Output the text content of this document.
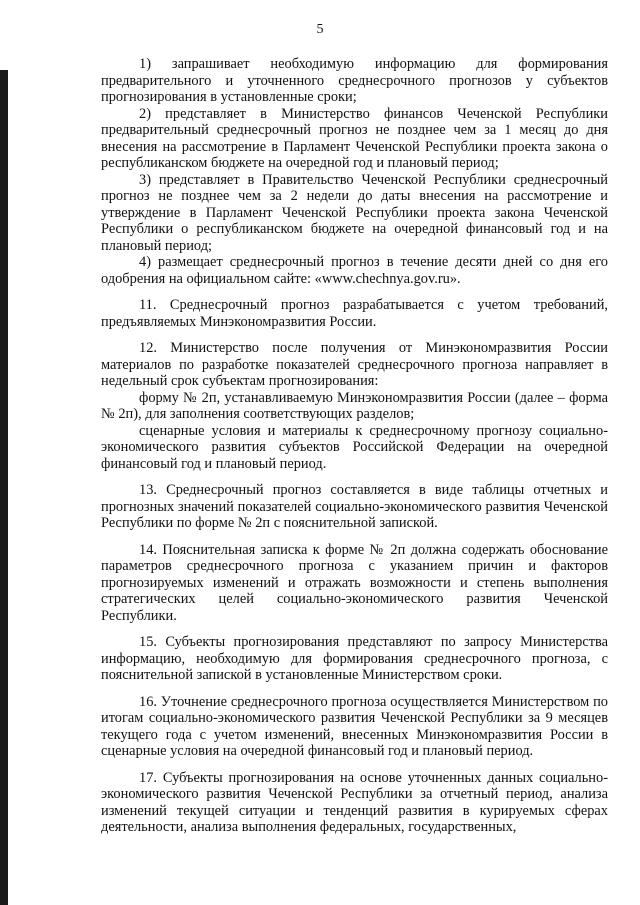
5

1) запрашивает необходимую информацию для формирования предварительного и уточненного среднесрочного прогнозов у субъектов прогнозирования в установленные сроки;

2) представляет в Министерство финансов Чеченской Республики предварительный среднесрочный прогноз не позднее чем за 1 месяц до дня внесения на рассмотрение в Парламент Чеченской Республики проекта закона о республиканском бюджете на очередной год и плановый период;

3) представляет в Правительство Чеченской Республики среднесрочный прогноз не позднее чем за 2 недели до даты внесения на рассмотрение и утверждение в Парламент Чеченской Республики проекта закона Чеченской Республики о республиканском бюджете на очередной финансовый год и на плановый период;

4) размещает среднесрочный прогноз в течение десяти дней со дня его одобрения на официальном сайте: «www.chechnya.gov.ru».

11. Среднесрочный прогноз разрабатывается с учетом требований, предъявляемых Минэкономразвития России.

12. Министерство после получения от Минэкономразвития России материалов по разработке показателей среднесрочного прогноза направляет в недельный срок субъектам прогнозирования:

форму № 2п, устанавливаемую Минэкономразвития России (далее – форма № 2п), для заполнения соответствующих разделов;

сценарные условия и материалы к среднесрочному прогнозу социально-экономического развития субъектов Российской Федерации на очередной финансовый год и плановый период.

13. Среднесрочный прогноз составляется в виде таблицы отчетных и прогнозных значений показателей социально-экономического развития Чеченской Республики по форме № 2п с пояснительной запиской.

14. Пояснительная записка к форме № 2п должна содержать обоснование параметров среднесрочного прогноза с указанием причин и факторов прогнозируемых изменений и отражать возможности и степень выполнения стратегических целей социально-экономического развития Чеченской Республики.

15. Субъекты прогнозирования представляют по запросу Министерства информацию, необходимую для формирования среднесрочного прогноза, с пояснительной запиской в установленные Министерством сроки.

16. Уточнение среднесрочного прогноза осуществляется Министерством по итогам социально-экономического развития Чеченской Республики за 9 месяцев текущего года с учетом изменений, внесенных Минэкономразвития России в сценарные условия на очередной финансовый год и плановый период.

17. Субъекты прогнозирования на основе уточненных данных социально-экономического развития Чеченской Республики за отчетный период, анализа изменений текущей ситуации и тенденций развития в курируемых сферах деятельности, анализа выполнения федеральных, государственных,
